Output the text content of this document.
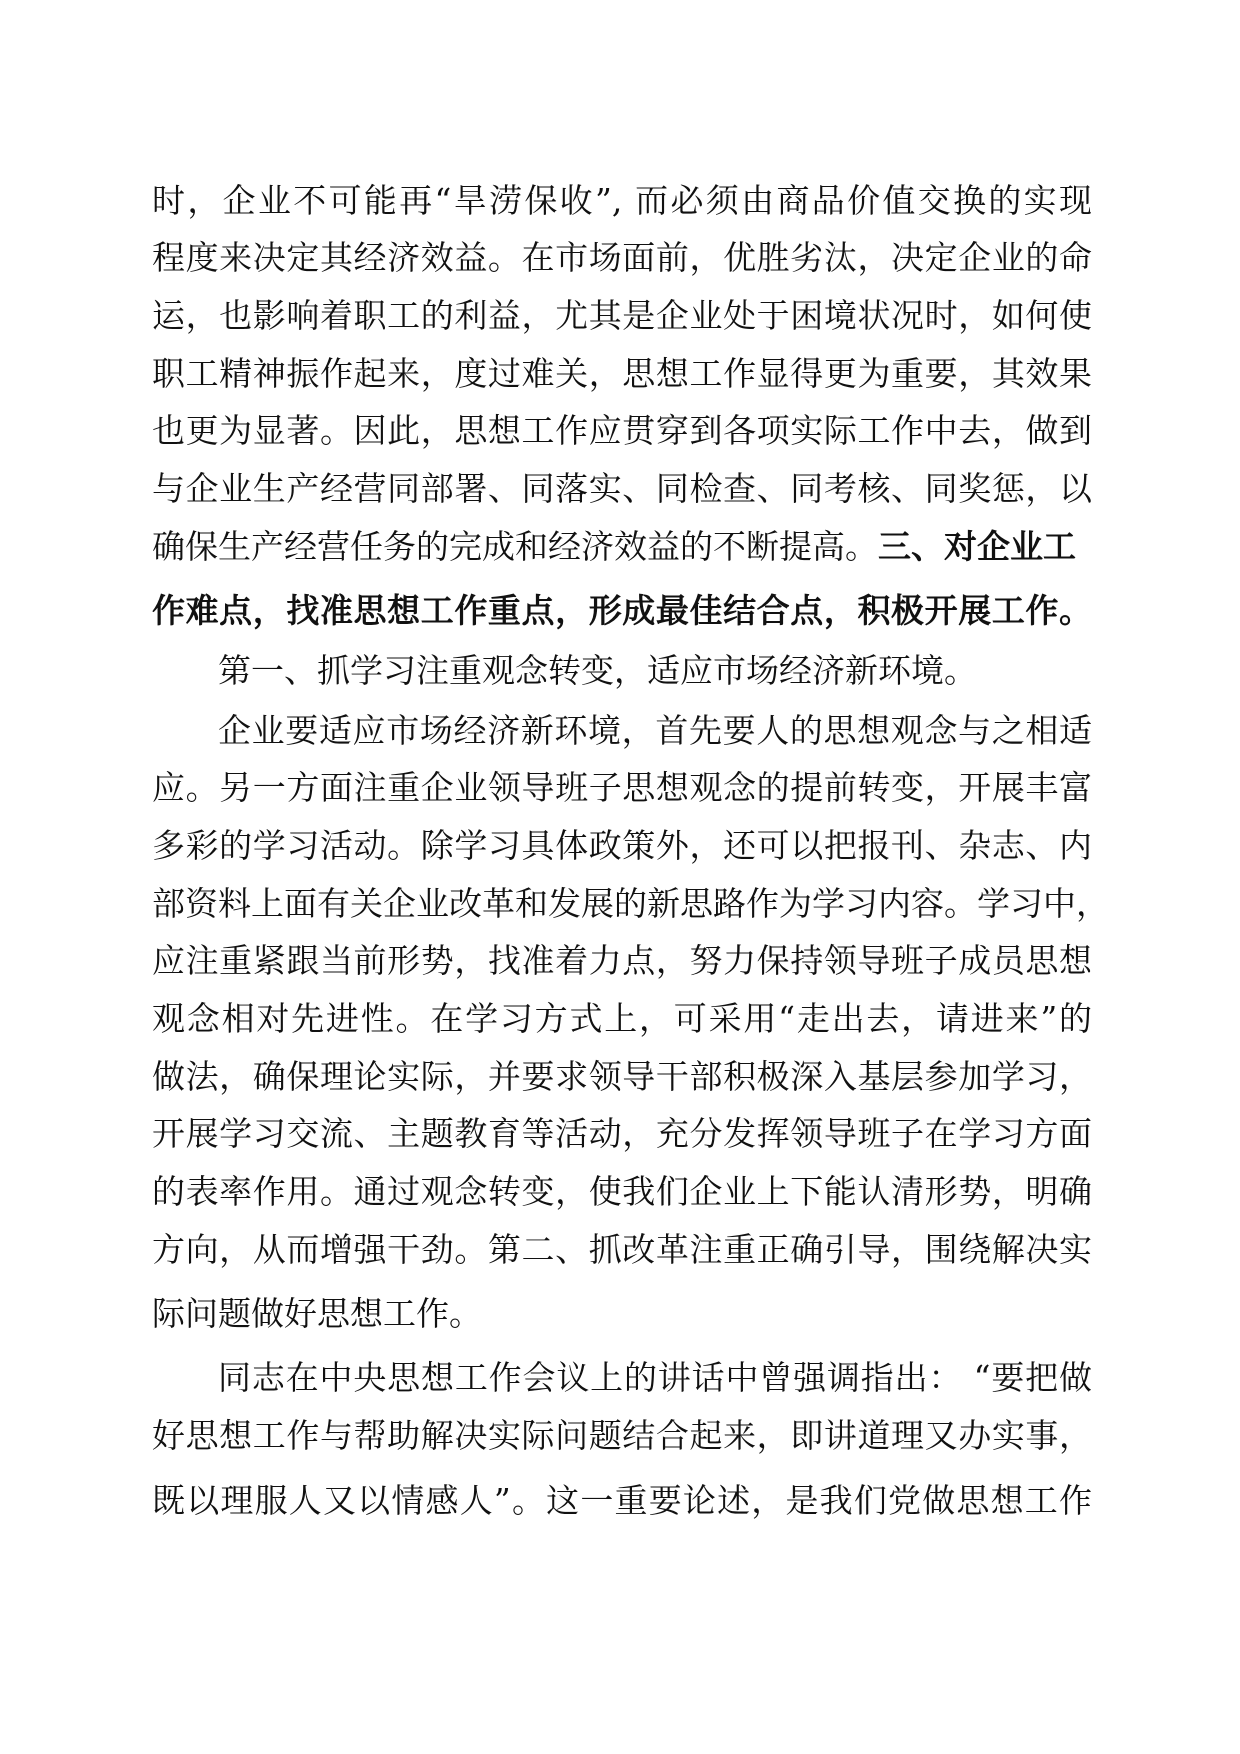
时，企业不可能再“旱涝保收”, 而必须由商品价值交换的实现
程度来决定其经济效益。在市场面前，优胜劣汰，决定企业的命
运，也影响着职工的利益，尤其是企业处于困境状况时，如何使
职工精神振作起来，度过难关，思想工作显得更为重要，其效果
也更为显著。因此，思想工作应贯穿到各项实际工作中去，做到
与企业生产经营同部署、同落实、同检查、同考核、同奖惩，以
确保生产经营任务的完成和经济效益的不断提高。三、对企业工
作难点，找准思想工作重点，形成最佳结合点，积极开展工作。
第一、抓学习注重观念转变，适应市场经济新环境。
企业要适应市场经济新环境，首先要人的思想观念与之相适
应。另一方面注重企业领导班子思想观念的提前转变，开展丰富
多彩的学习活动。除学习具体政策外，还可以把报刊、杂志、内
部资料上面有关企业改革和发展的新思路作为学习内容。学习中，
应注重紧跟当前形势，找准着力点，努力保持领导班子成员思想
观念相对先进性。在学习方式上，可采用“走出去，请进来”的
做法，确保理论实际，并要求领导干部积极深入基层参加学习，
开展学习交流、主题教育等活动，充分发挥领导班子在学习方面
的表率作用。通过观念转变，使我们企业上下能认清形势，明确
方向，从而增强干劲。第二、抓改革注重正确引导，围绕解决实
际问题做好思想工作。
同志在中央思想工作会议上的讲话中曾强调指出： “要把做
好思想工作与帮助解决实际问题结合起来，即讲道理又办实事，
既以理服人又以情感人”。这一重要论述，是我们党做思想工作
